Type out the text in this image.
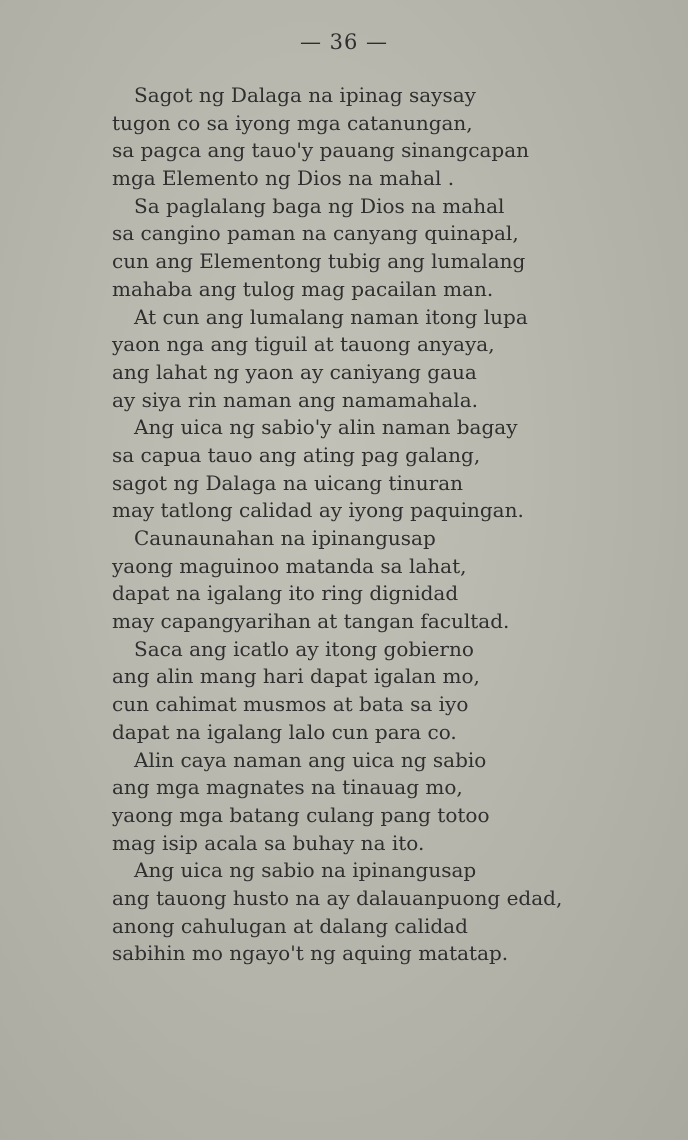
— 36 —
Sagot ng Dalaga na ipinag saysay
tugon co sa iyong mga catanungan,
sa pagca ang tauo'y pauang sinangcapan
mga Elemento ng Dios na mahal .
Sa paglalang baga ng Dios na mahal
sa cangino paman na canyang quinapal,
cun ang Elementong tubig ang lumalang
mahaba ang tulog mag pacailan man.
At cun ang lumalang naman itong lupa
yaon nga ang tiguil at tauong anyaya,
ang lahat ng yaon ay caniyang gaua
ay siya rin naman ang namamahala.
Ang uica ng sabio'y alin naman bagay
sa capua tauo ang ating pag galang,
sagot ng Dalaga na uicang tinuran
may tatlong calidad ay iyong paquingan.
Caunaunahan na ipinangusap
yaong maguinoo matanda sa lahat,
dapat na igalang ito ring dignidad
may capangyarihan at tangan facultad.
Saca ang icatlo ay itong gobierno
ang alin mang hari dapat igalan mo,
cun cahimat musmos at bata sa iyo
dapat na igalang lalo cun para co.
Alin caya naman ang uica ng sabio
ang mga magnates na tinauag mo,
yaong mga batang culang pang totoo
mag isip acala sa buhay na ito.
Ang uica ng sabio na ipinangusap
ang tauong husto na ay dalauanpuong edad,
anong cahulugan at dalang calidad
sabihin mo ngayo't ng aquing matatap.
